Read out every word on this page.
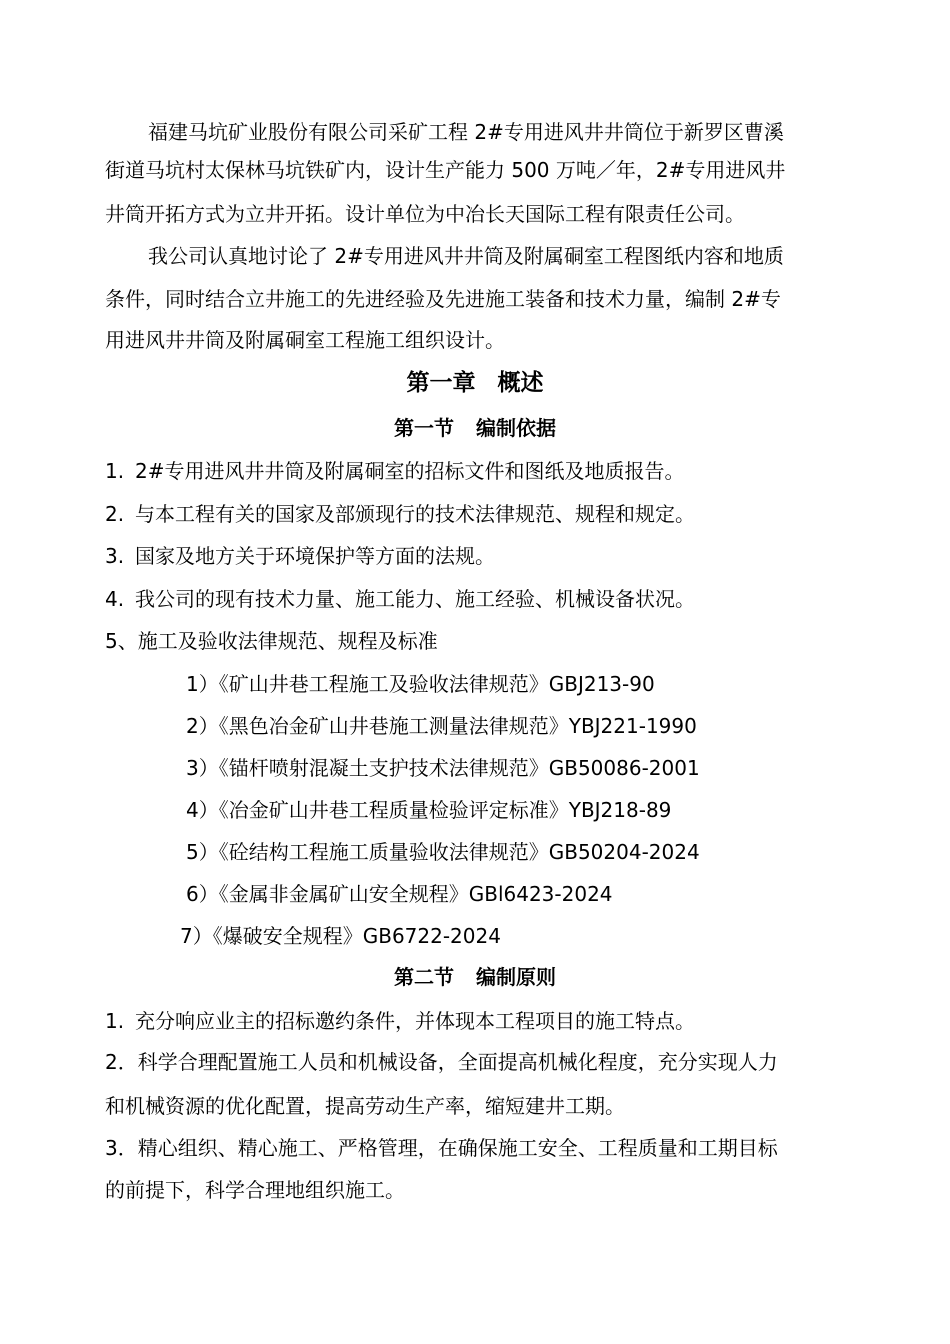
福建马坑矿业股份有限公司采矿工程 2#专用进风井井筒位于新罗区曹溪
街道马坑村太保林马坑铁矿内，设计生产能力 500 万吨／年，2#专用进风井
井筒开拓方式为立井开拓。设计单位为中冶长天国际工程有限责任公司。
我公司认真地讨论了 2#专用进风井井筒及附属硐室工程图纸内容和地质
条件，同时结合立井施工的先进经验及先进施工装备和技术力量，编制 2#专
用进风井井筒及附属硐室工程施工组织设计。
第一章 概述
第一节 编制依据
1. 2#专用进风井井筒及附属硐室的招标文件和图纸及地质报告。
2. 与本工程有关的国家及部颁现行的技术法律规范、规程和规定。
3. 国家及地方关于环境保护等方面的法规。
4. 我公司的现有技术力量、施工能力、施工经验、机械设备状况。
5、施工及验收法律规范、规程及标准
1）《矿山井巷工程施工及验收法律规范》GBJ213-90
2）《黑色冶金矿山井巷施工测量法律规范》YBJ221-1990
3）《锚杆喷射混凝土支护技术法律规范》GB50086-2001
4）《冶金矿山井巷工程质量检验评定标准》YBJ218-89
5）《砼结构工程施工质量验收法律规范》GB50204-2024
6）《金属非金属矿山安全规程》GBl6423-2024
7）《爆破安全规程》GB6722-2024
第二节 编制原则
1. 充分响应业主的招标邀约条件，并体现本工程项目的施工特点。
2．科学合理配置施工人员和机械设备，全面提高机械化程度，充分实现人力
和机械资源的优化配置，提高劳动生产率，缩短建井工期。
3．精心组织、精心施工、严格管理，在确保施工安全、工程质量和工期目标
的前提下，科学合理地组织施工。
